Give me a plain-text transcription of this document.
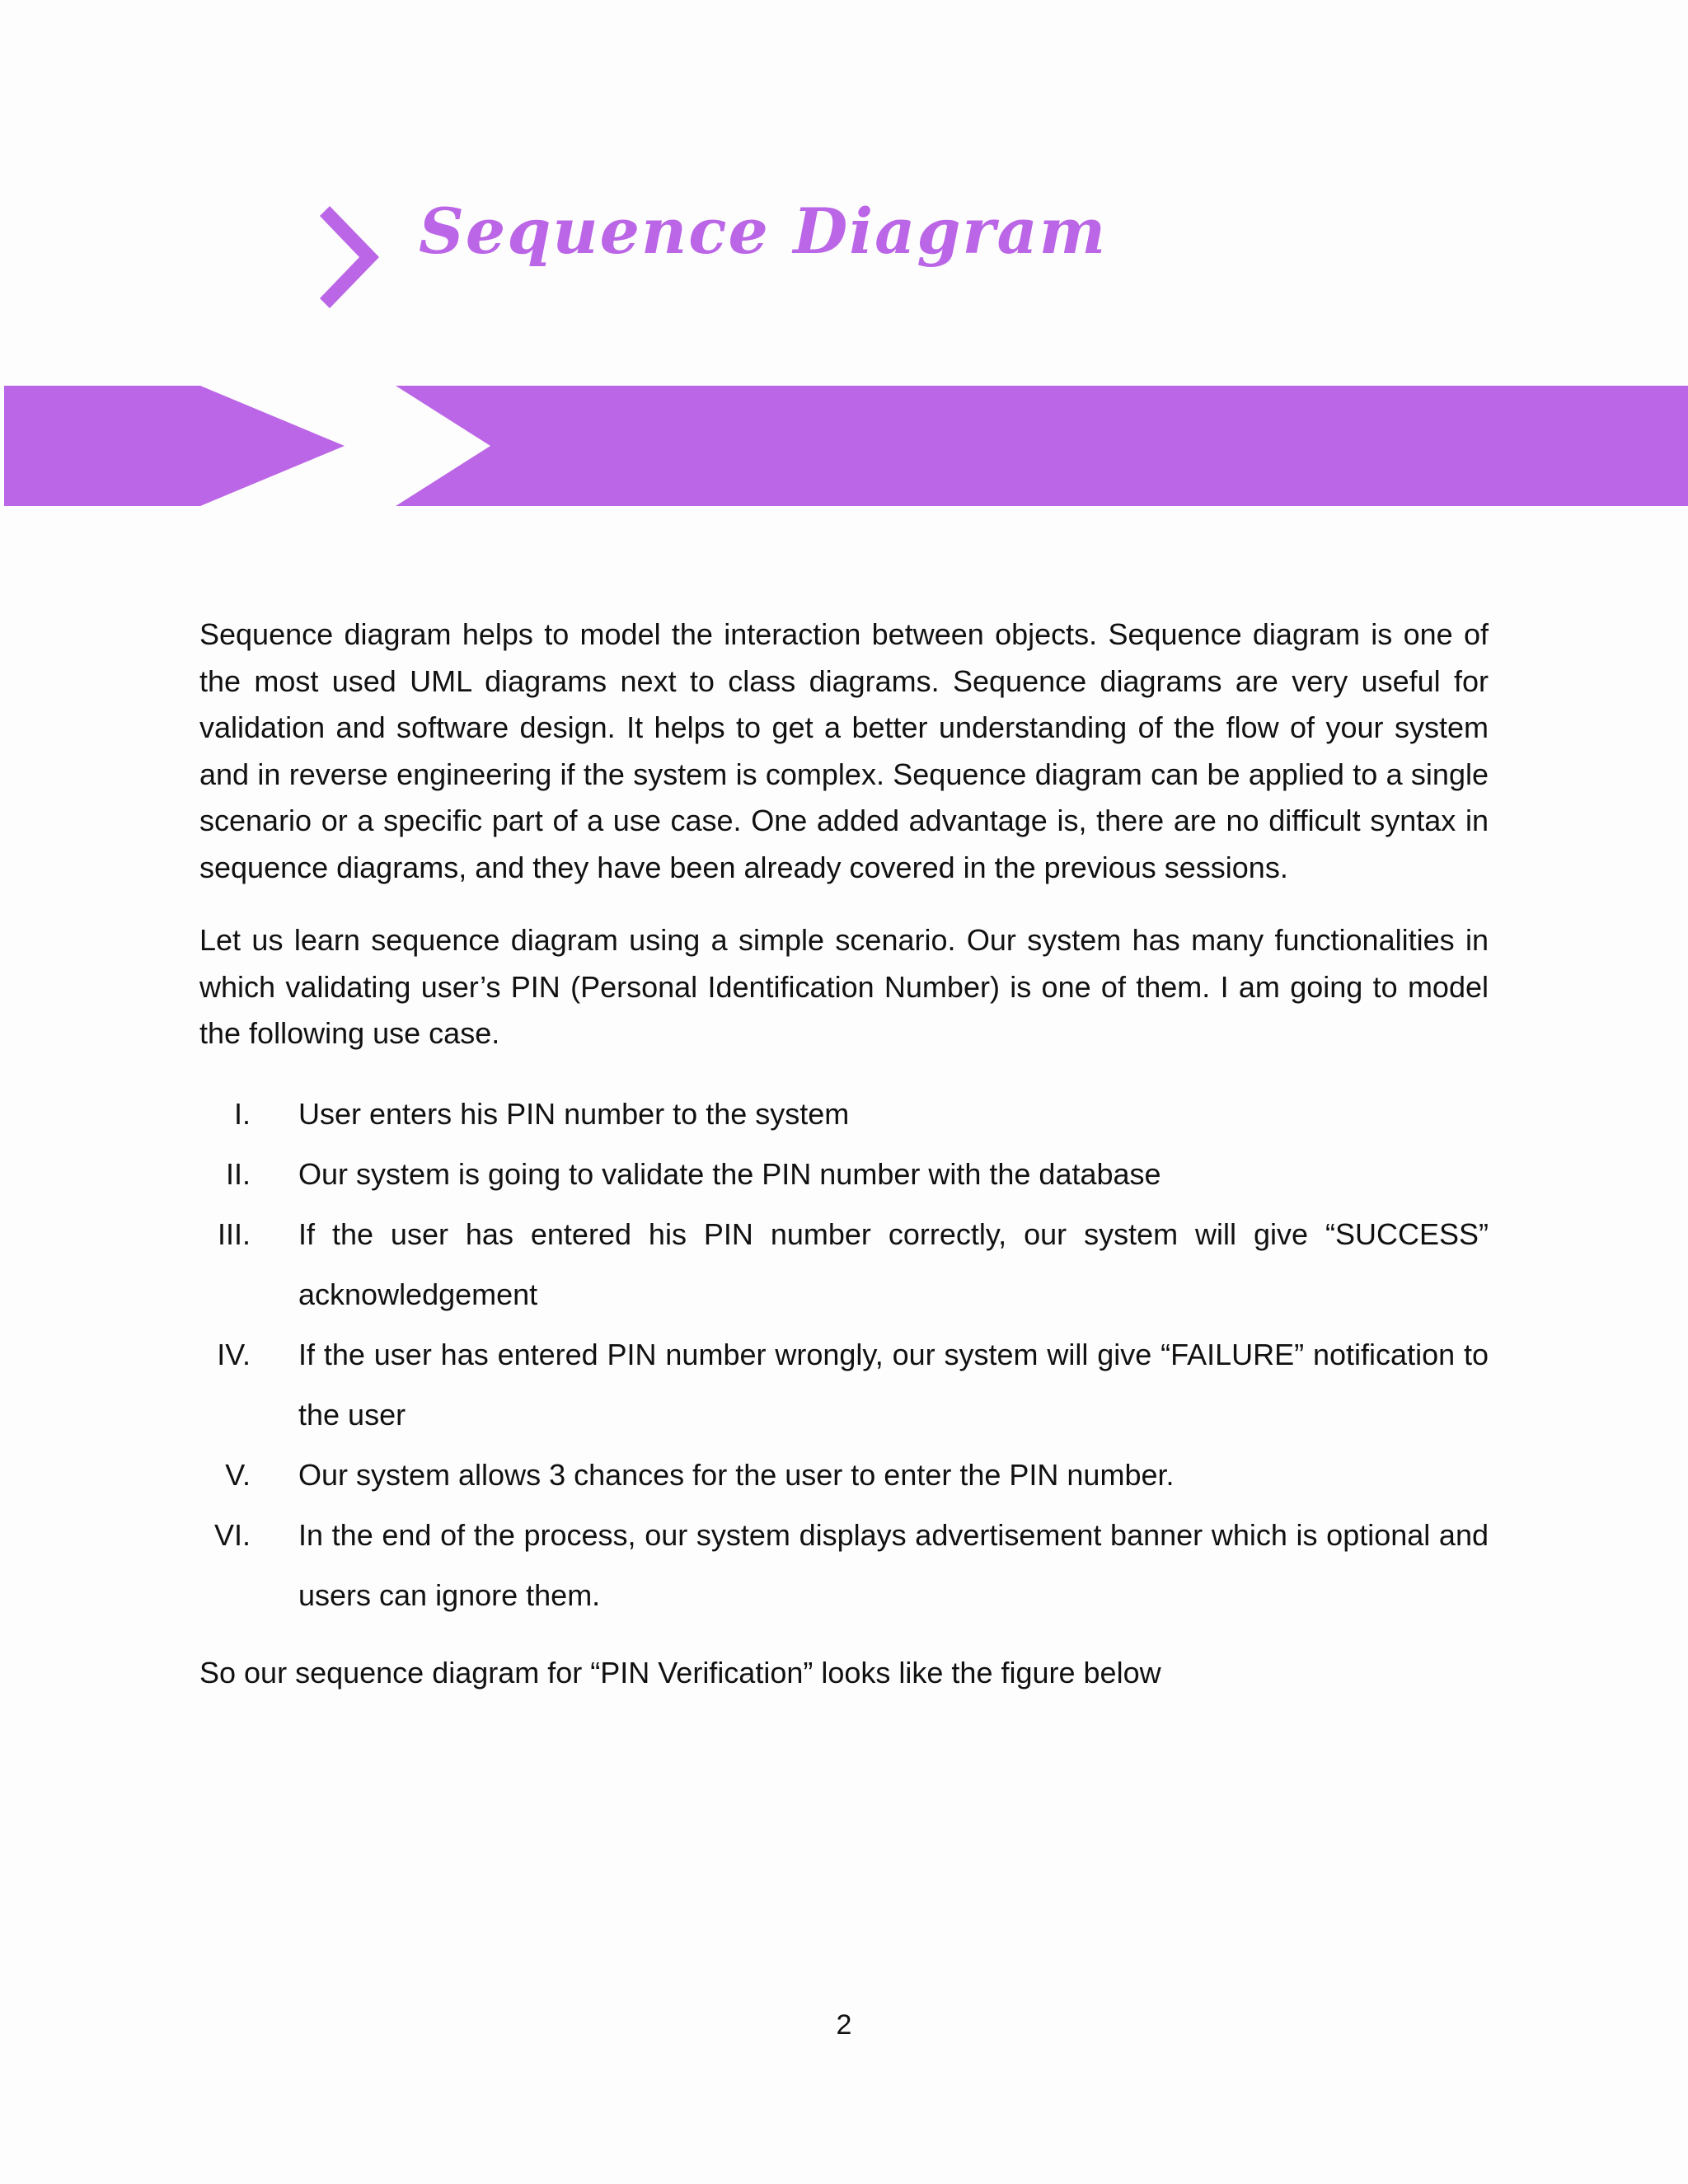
Sequence Diagram

Sequence diagram helps to model the interaction between objects. Sequence diagram is one of the most used UML diagrams next to class diagrams. Sequence diagrams are very useful for validation and software design. It helps to get a better understanding of the flow of your system and in reverse engineering if the system is complex. Sequence diagram can be applied to a single scenario or a specific part of a use case. One added advantage is, there are no difficult syntax in sequence diagrams, and they have been already covered in the previous sessions.

Let us learn sequence diagram using a simple scenario. Our system has many functionalities in which validating user’s PIN (Personal Identification Number) is one of them. I am going to model the following use case.

I. User enters his PIN number to the system
II. Our system is going to validate the PIN number with the database
III. If the user has entered his PIN number correctly, our system will give “SUCCESS” acknowledgement
IV. If the user has entered PIN number wrongly, our system will give “FAILURE” notification to the user
V. Our system allows 3 chances for the user to enter the PIN number.
VI. In the end of the process, our system displays advertisement banner which is optional and users can ignore them.

So our sequence diagram for “PIN Verification” looks like the figure below

2
